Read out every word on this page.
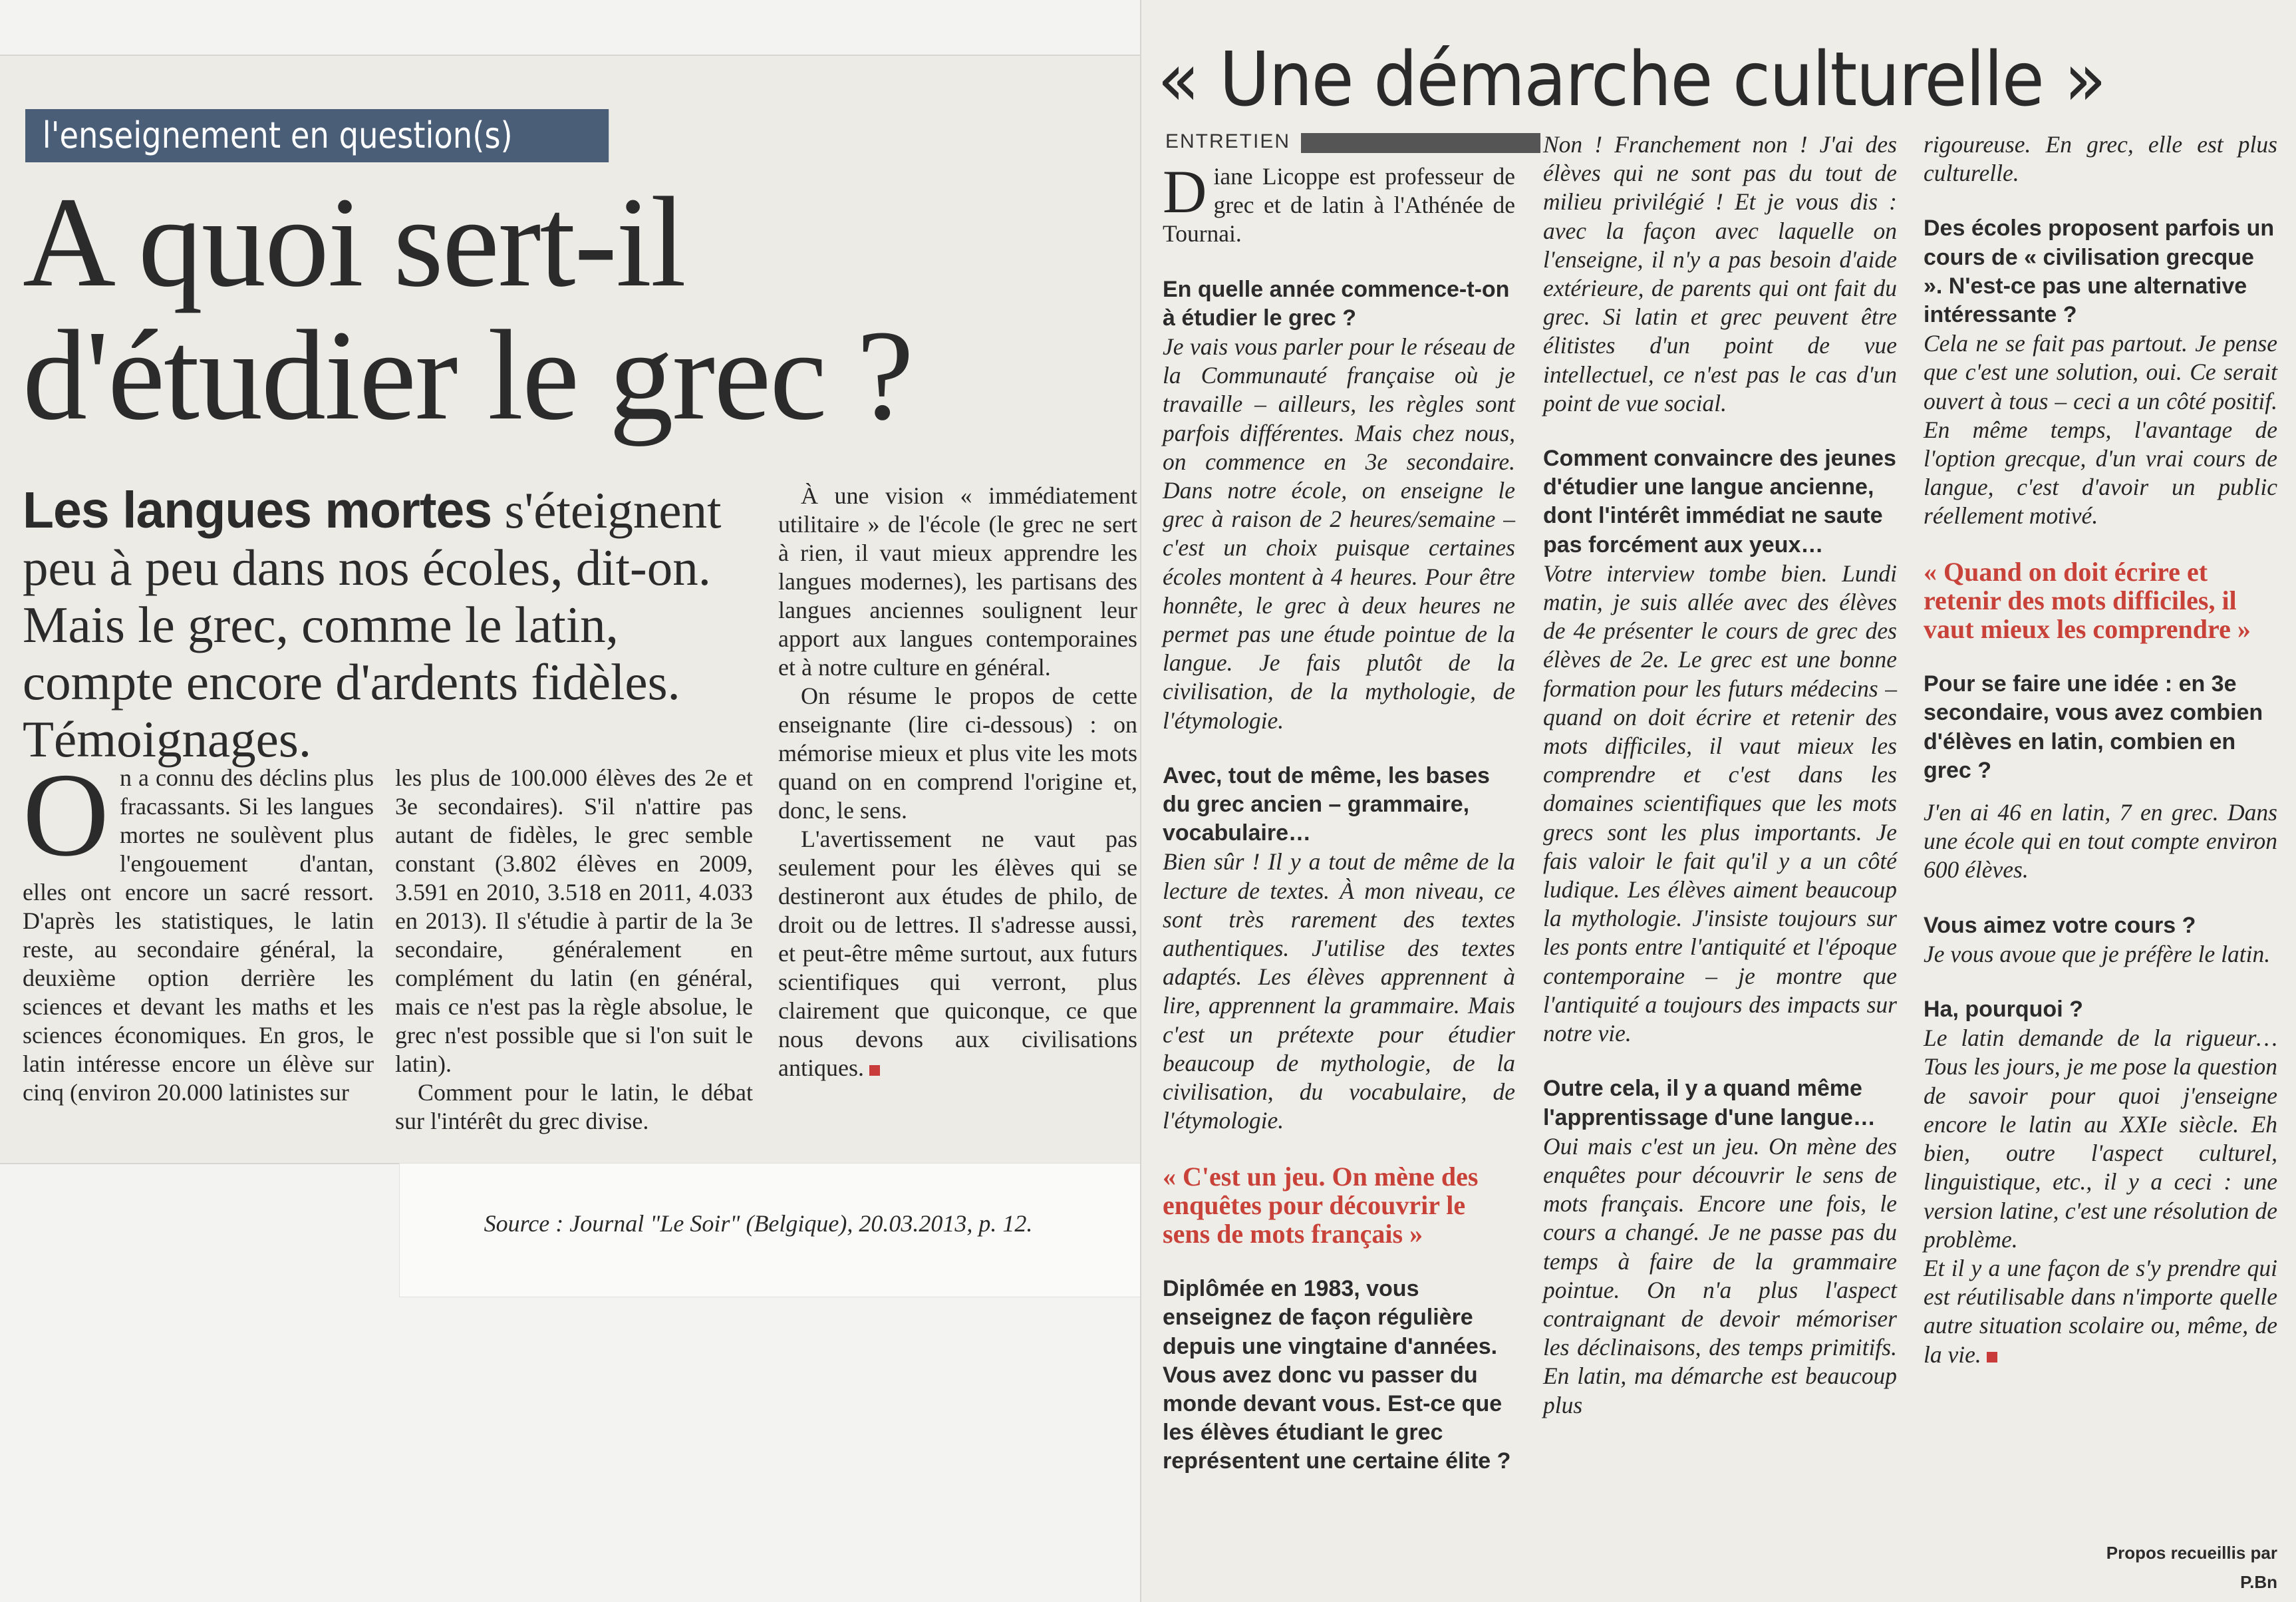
l'enseignement en question(s)
A quoi sert-il
d'étudier le grec ?
Les langues mortes s'éteignent peu à peu dans nos écoles, dit-on. Mais le grec, comme le latin, compte encore d'ardents fidèles. Témoignages.
On a connu des déclins plus fracassants. Si les langues mortes ne soulèvent plus l'engouement d'antan, elles ont encore un sacré ressort. D'après les statistiques, le latin reste, au secondaire général, la deuxième option derrière les sciences et devant les maths et les sciences économiques. En gros, le latin intéresse encore un élève sur cinq (environ 20.000 latinistes sur

les plus de 100.000 élèves des 2e et 3e secondaires). S'il n'attire pas autant de fidèles, le grec semble constant (3.802 élèves en 2009, 3.591 en 2010, 3.518 en 2011, 4.033 en 2013). Il s'étudie à partir de la 3e secondaire, généralement en complément du latin (en général, mais ce n'est pas la règle absolue, le grec n'est possible que si l'on suit le latin).

Comment pour le latin, le débat sur l'intérêt du grec divise.

À une vision « immédiatement utilitaire » de l'école (le grec ne sert à rien, il vaut mieux apprendre les langues modernes), les partisans des langues anciennes soulignent leur apport aux langues contemporaines et à notre culture en général.

On résume le propos de cette enseignante (lire ci-dessous) : on mémorise mieux et plus vite les mots quand on en comprend l'origine et, donc, le sens.

L'avertissement ne vaut pas seulement pour les élèves qui se destineront aux études de philo, de droit ou de lettres. Il s'adresse aussi, et peut-être même surtout, aux futurs scientifiques qui verront, plus clairement que quiconque, ce que nous devons aux civilisations antiques.

Source : Journal "Le Soir" (Belgique), 20.03.2013, p. 12.
« Une démarche culturelle »
ENTRETIEN

Diane Licoppe est professeur de grec et de latin à l'Athénée de Tournai.

En quelle année commence-t-on à étudier le grec ?

Je vais vous parler pour le réseau de la Communauté française où je travaille – ailleurs, les règles sont parfois différentes. Mais chez nous, on commence en 3e secondaire. Dans notre école, on enseigne le grec à raison de 2 heures/semaine – c'est un choix puisque certaines écoles montent à 4 heures. Pour être honnête, le grec à deux heures ne permet pas une étude pointue de la langue. Je fais plutôt de la civilisation, de la mythologie, de l'étymologie.

Avec, tout de même, les bases du grec ancien – grammaire, vocabulaire…

Bien sûr ! Il y a tout de même de la lecture de textes. À mon niveau, ce sont très rarement des textes authentiques. J'utilise des textes adaptés. Les élèves apprennent à lire, apprennent la grammaire. Mais c'est un prétexte pour étudier beaucoup de mythologie, de la civilisation, du vocabulaire, de l'étymologie.

« C'est un jeu. On mène des enquêtes pour découvrir le sens de mots français »

Diplômée en 1983, vous enseignez de façon régulière depuis une vingtaine d'années. Vous avez donc vu passer du monde devant vous. Est-ce que les élèves étudiant le grec représentent une certaine élite ?

Non ! Franchement non ! J'ai des élèves qui ne sont pas du tout de milieu privilégié ! Et je vous dis : avec la façon avec laquelle on l'enseigne, il n'y a pas besoin d'aide extérieure, de parents qui ont fait du grec. Si latin et grec peuvent être élitistes d'un point de vue intellectuel, ce n'est pas le cas d'un point de vue social.

Comment convaincre des jeunes d'étudier une langue ancienne, dont l'intérêt immédiat ne saute pas forcément aux yeux…

Votre interview tombe bien. Lundi matin, je suis allée avec des élèves de 4e présenter le cours de grec des élèves de 2e. Le grec est une bonne formation pour les futurs médecins – quand on doit écrire et retenir des mots difficiles, il vaut mieux les comprendre et c'est dans les domaines scientifiques que les mots grecs sont les plus importants. Je fais valoir le fait qu'il y a un côté ludique. Les élèves aiment beaucoup la mythologie. J'insiste toujours sur les ponts entre l'antiquité et l'époque contemporaine – je montre que l'antiquité a toujours des impacts sur notre vie.

Outre cela, il y a quand même l'apprentissage d'une langue…

Oui mais c'est un jeu. On mène des enquêtes pour découvrir le sens de mots français. Encore une fois, le cours a changé. Je ne passe pas du temps à faire de la grammaire pointue. On n'a plus l'aspect contraignant de devoir mémoriser les déclinaisons, des temps primitifs. En latin, ma démarche est beaucoup plus

rigoureuse. En grec, elle est plus culturelle.

Des écoles proposent parfois un cours de « civilisation grecque ». N'est-ce pas une alternative intéressante ?

Cela ne se fait pas partout. Je pense que c'est une solution, oui. Ce serait ouvert à tous – ceci a un côté positif. En même temps, l'avantage de l'option grecque, d'un vrai cours de langue, c'est d'avoir un public réellement motivé.

« Quand on doit écrire et retenir des mots difficiles, il vaut mieux les comprendre »

Pour se faire une idée : en 3e secondaire, vous avez combien d'élèves en latin, combien en grec ?

J'en ai 46 en latin, 7 en grec. Dans une école qui en tout compte environ 600 élèves.

Vous aimez votre cours ?

Je vous avoue que je préfère le latin.

Ha, pourquoi ?

Le latin demande de la rigueur… Tous les jours, je me pose la question de savoir pour quoi j'enseigne encore le latin au XXIe siècle. Eh bien, outre l'aspect culturel, linguistique, etc., il y a ceci : une version latine, c'est une résolution de problème.

Et il y a une façon de s'y prendre qui est réutilisable dans n'importe quelle autre situation scolaire ou, même, de la vie.

Propos recueillis par
P.Bn
